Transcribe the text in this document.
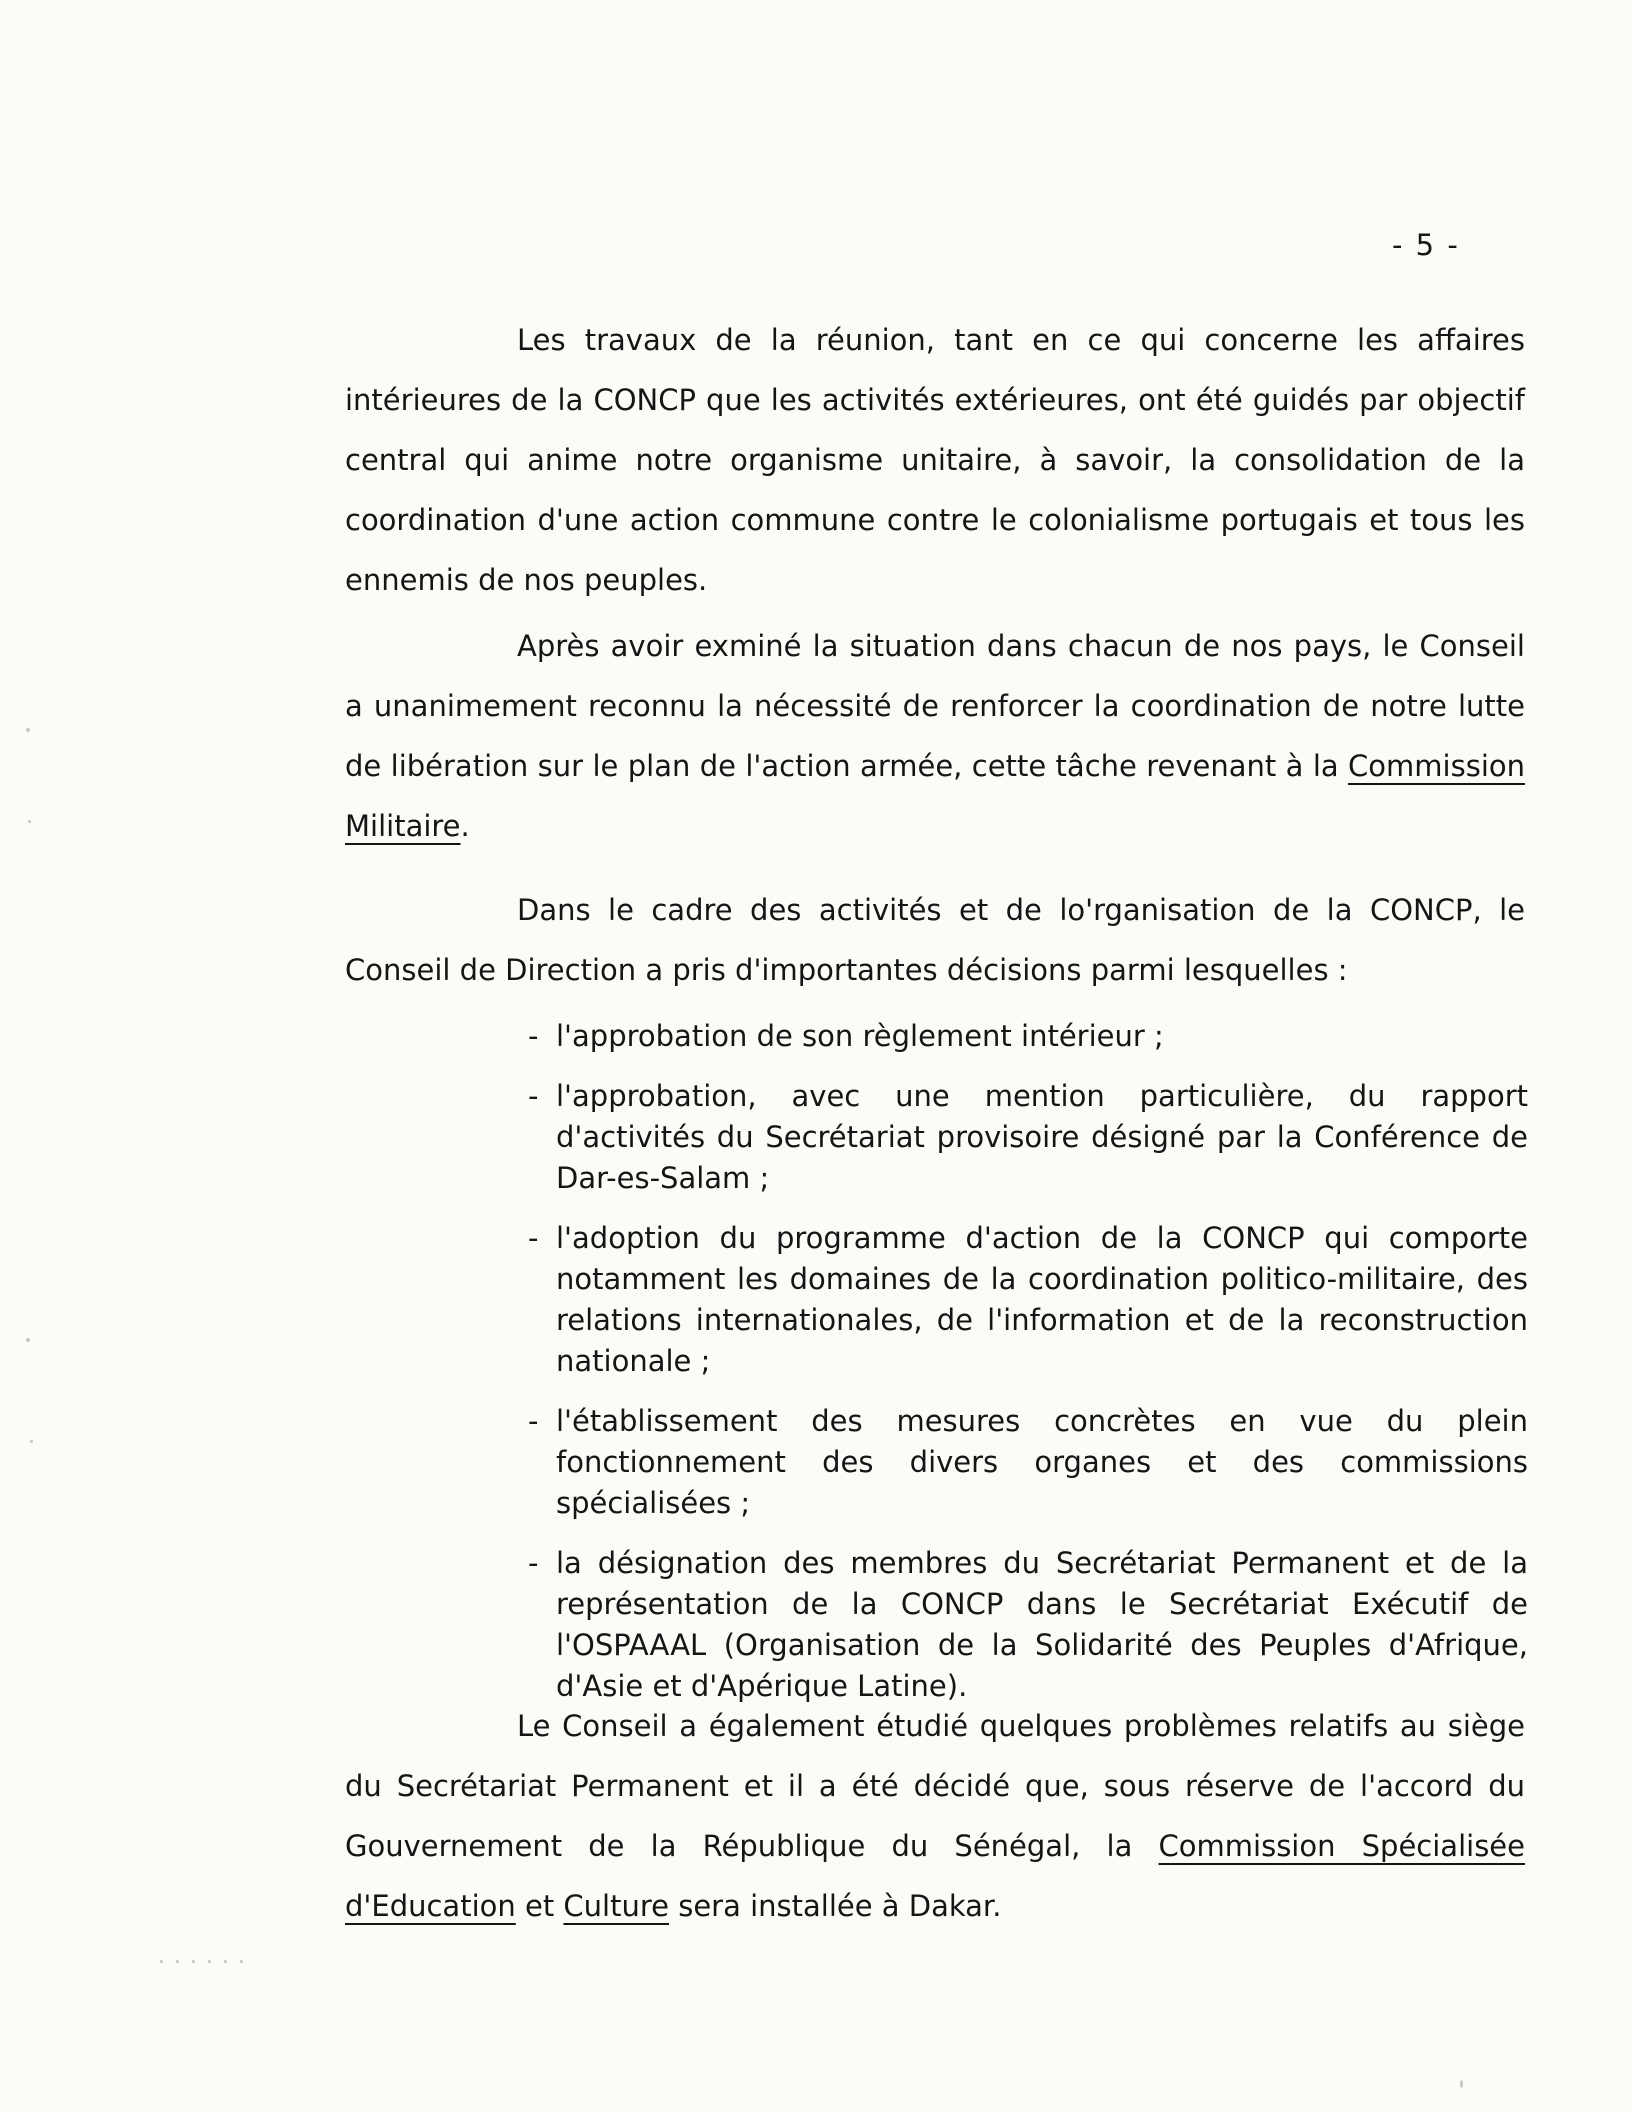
- 5 -

Les travaux de la réunion, tant en ce qui concerne les affaires intérieures de la CONCP que les activités extérieures, ont été guidés par objectif central qui anime notre organisme unitaire, à savoir, la consolidation de la coordination d'une action commune contre le colonialisme portugais et tous les ennemis de nos peuples.

Après avoir exminé la situation dans chacun de nos pays, le Conseil a unanimement reconnu la nécessité de renforcer la coordination de notre lutte de libération sur le plan de l'action armée, cette tâche revenant à la Commission Militaire.

Dans le cadre des activités et de lo'rganisation de la CONCP, le Conseil de Direction a pris d'importantes décisions parmi lesquelles :

- l'approbation de son règlement intérieur ;
- l'approbation, avec une mention particulière, du rapport d'activités du Secrétariat provisoire désigné par la Conférence de Dar-es-Salam ;
- l'adoption du programme d'action de la CONCP qui comporte notamment les domaines de la coordination politico-militaire, des relations internationales, de l'information et de la reconstruction nationale ;
- l'établissement des mesures concrètes en vue du plein fonctionnement des divers organes et des commissions spécialisées ;
- la désignation des membres du Secrétariat Permanent et de la représentation de la CONCP dans le Secrétariat Exécutif de l'OSPAAAL (Organisation de la Solidarité des Peuples d'Afrique, d'Asie et d'Apérique Latine).

Le Conseil a également étudié quelques problèmes relatifs au siège du Secrétariat Permanent et il a été décidé que, sous réserve de l'accord du Gouvernement de la République du Sénégal, la Commission Spécialisée d'Education et Culture sera installée à Dakar.
